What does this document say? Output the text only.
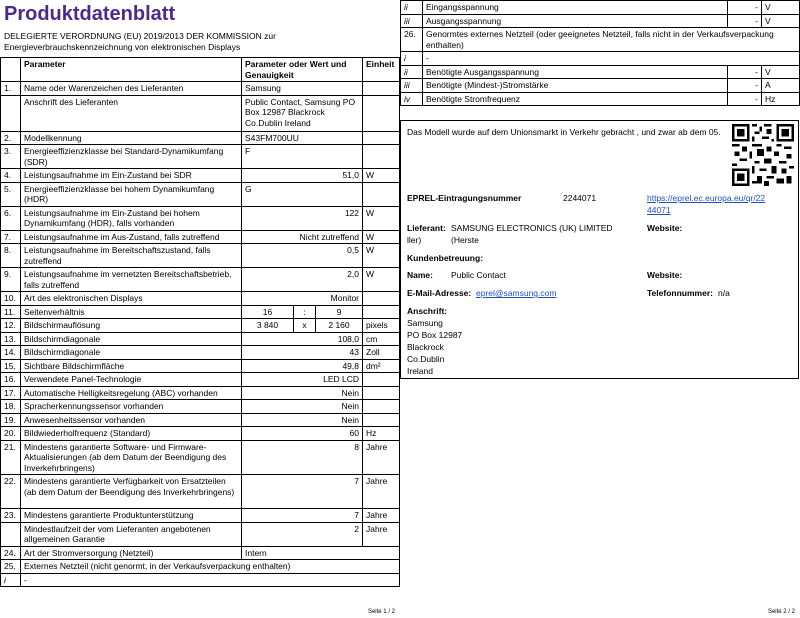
Produktdatenblatt
DELEGIERTE VERORDNUNG (EU) 2019/2013 DER KOMMISSION zur Energieverbrauchskennzeichnung von elektronischen Displays
	Parameter	Parameter oder Wert und Genauigkeit			Einheit
1.	Name oder Warenzeichen des Lieferanten	Samsung			
	Anschrift des Lieferanten	Public Contact, Samsung PO Box 12987 Blackrock Co.Dublin Ireland			
2.	Modellkennung	S43FM700UU			
3.	Energieeffizienzklasse bei Standard-Dynamikumfang (SDR)	F			
4.	Leistungsaufnahme im Ein-Zustand bei SDR	51,0			W
5.	Energieeffizienzklasse bei hohem Dynamikumfang (HDR)	G			
6.	Leistungsaufnahme im Ein-Zustand bei hohem Dynamikumfang (HDR), falls vorhanden	122			W
7.	Leistungsaufnahme im Aus-Zustand, falls zutreffend	Nicht zutreffend			W
8.	Leistungsaufnahme im Bereitschaftszustand, falls zutreffend	0,5			W
9.	Leistungsaufnahme im vernetzten Bereitschaftsbetrieb, falls zutreffend	2,0			W
10.	Art des elektronischen Displays	Monitor			
11.	Seitenverhältnis	16	:	9	
12.	Bildschirmauflösung	3 840	x	2 160	pixels
13.	Bildschirmdiagonale	108,0			cm
14.	Bildschirmdiagonale	43			Zoll
15.	Sichtbare Bildschirmfläche	49,8			dm²
16.	Verwendete Panel-Technologie	LED LCD			
17.	Automatische Helligkeitsregelung (ABC) vorhanden	Nein			
18.	Spracherkennungssensor vorhanden	Nein			
19.	Anwesenheitssensor vorhanden	Nein			
20.	Bildwiederholfrequenz (Standard)	60			Hz
21.	Mindestens garantierte Software- und Firmware-Aktualisierungen (ab dem Datum der Beendigung des Inverkehrbringens)	8			Jahre
22.	Mindestens garantierte Verfügbarkeit von Ersatzteilen (ab dem Datum der Beendigung des Inverkehrbringens)	7			Jahre
23.	Mindestens garantierte Produktunterstützung	7			Jahre
	Mindestlaufzeit der vom Lieferanten angebotenen allgemeinen Garantie	2			Jahre
24.	Art der Stromversorgung (Netzteil)	Intern			
25.	Externes Netzteil (nicht genormt, in der Verkaufsverpackung enthalten)				
i	-				
Seite 1 / 2
ii	Eingangsspannung	-	V
iii	Ausgangsspannung	-	V
26.	Genormtes externes Netzteil (oder geeignetes Netzteil, falls nicht in der Verkaufsverpackung enthalten)		
i	-		
ii	Benötigte Ausgangsspannung	-	V
iii	Benötigte (Mindest-)Stromstärke	-	A
iv	Benötigte Stromfrequenz	-	Hz
Das Modell wurde auf dem Unionsmarkt in Verkehr gebracht , und zwar ab dem 05.
EPREL-Eintragungsnummer	2244071	https://eprel.ec.europa.eu/qr/22
44071
Lieferant: SAMSUNG ELECTRONICS (UK) LIMITED (Herste
ller)
Website:
Kundenbetreuung:
Name: Public Contact	Website:
E-Mail-Adresse: eprel@samsung.com	Telefonnummer: n/a
Anschrift:
Samsung
PO Box 12987
Blackrock
Co.Dublin
Ireland
Seite 2 / 2
